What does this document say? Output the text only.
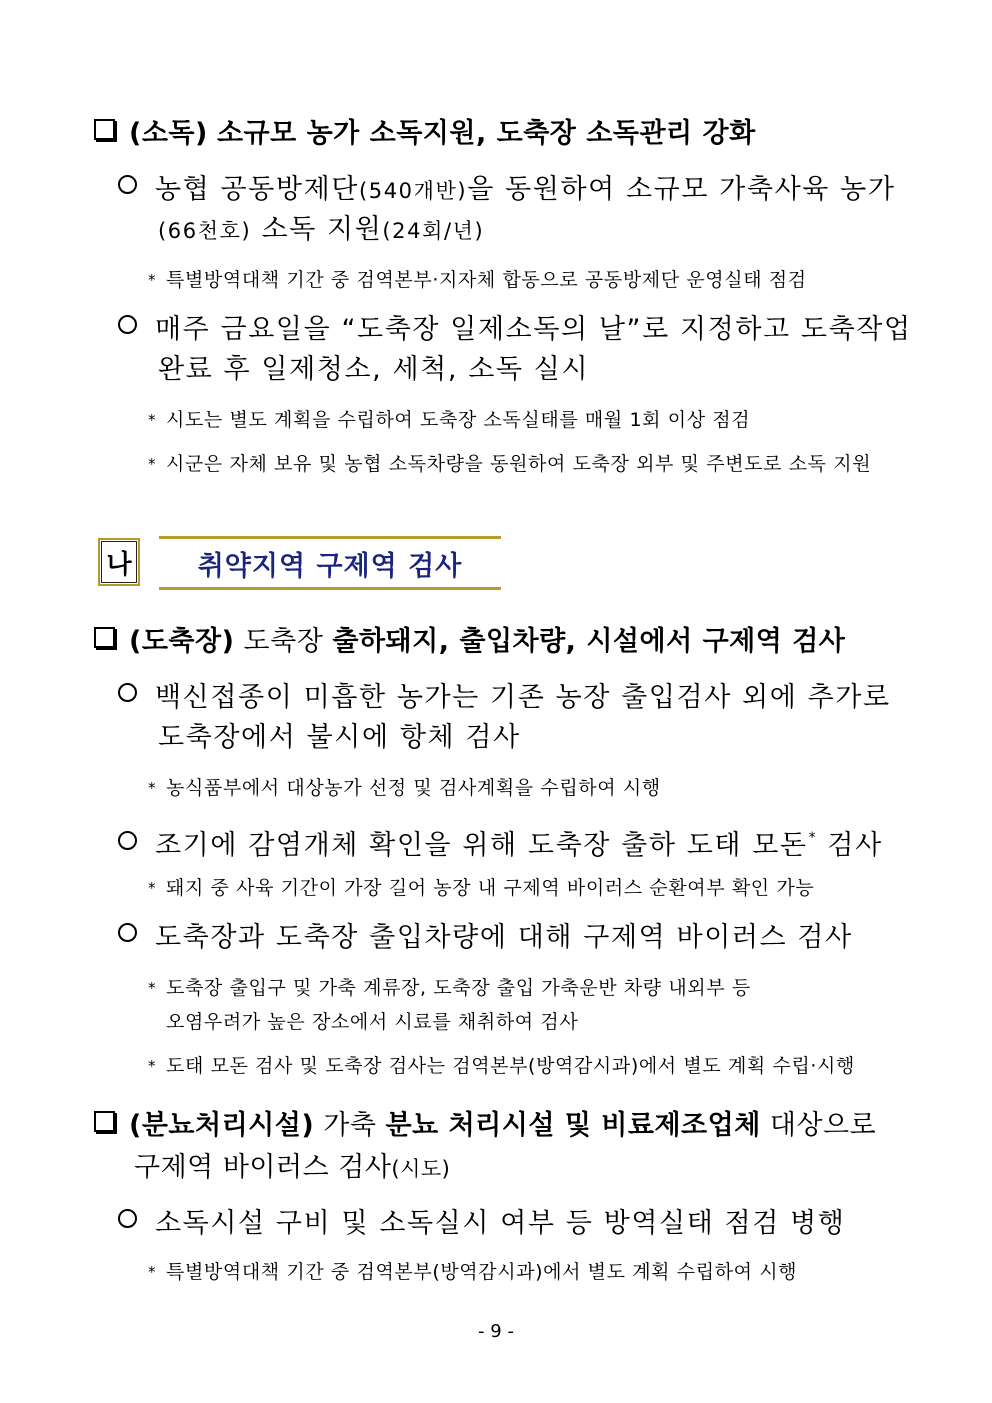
(소독) 소규모 농가 소독지원, 도축장 소독관리 강화
농협 공동방제단(540개반)을 동원하여 소규모 가축사육 농가
(66천호) 소독 지원(24회/년)
* 특별방역대책 기간 중 검역본부·지자체 합동으로 공동방제단 운영실태 점검
매주 금요일을 “도축장 일제소독의 날”로 지정하고 도축작업
완료 후 일제청소, 세척, 소독 실시
* 시도는 별도 계획을 수립하여 도축장 소독실태를 매월 1회 이상 점검
* 시군은 자체 보유 및 농협 소독차량을 동원하여 도축장 외부 및 주변도로 소독 지원
나 취약지역 구제역 검사
(도축장) 도축장 출하돼지, 출입차량, 시설에서 구제역 검사
백신접종이 미흡한 농가는 기존 농장 출입검사 외에 추가로
도축장에서 불시에 항체 검사
* 농식품부에서 대상농가 선정 및 검사계획을 수립하여 시행
조기에 감염개체 확인을 위해 도축장 출하 도태 모돈* 검사
* 돼지 중 사육 기간이 가장 길어 농장 내 구제역 바이러스 순환여부 확인 가능
도축장과 도축장 출입차량에 대해 구제역 바이러스 검사
* 도축장 출입구 및 가축 계류장, 도축장 출입 가축운반 차량 내외부 등
오염우려가 높은 장소에서 시료를 채취하여 검사
* 도태 모돈 검사 및 도축장 검사는 검역본부(방역감시과)에서 별도 계획 수립·시행
(분뇨처리시설) 가축 분뇨 처리시설 및 비료제조업체 대상으로
구제역 바이러스 검사(시도)
소독시설 구비 및 소독실시 여부 등 방역실태 점검 병행
* 특별방역대책 기간 중 검역본부(방역감시과)에서 별도 계획 수립하여 시행
- 9 -
